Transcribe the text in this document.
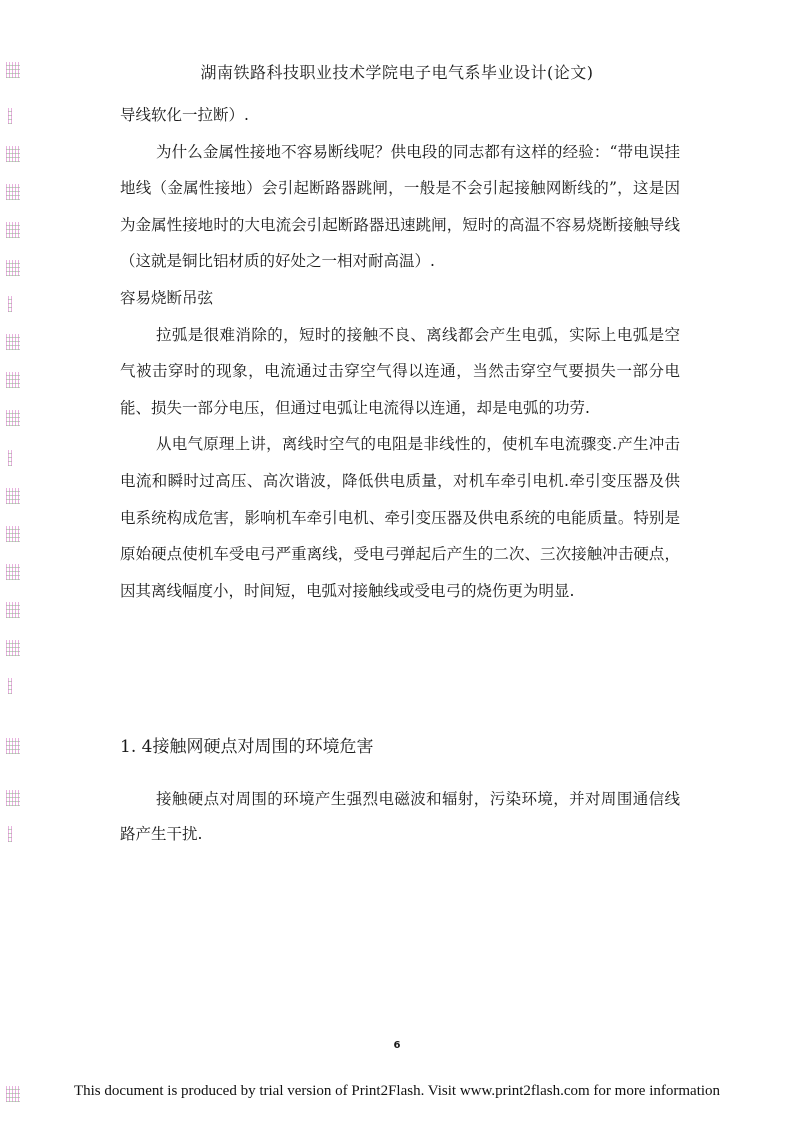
湖南铁路科技职业技术学院电子电气系毕业设计(论文)

导线软化一拉断）.

为什么金属性接地不容易断线呢？供电段的同志都有这样的经验：“带电误挂地线（金属性接地）会引起断路器跳闸，一般是不会引起接触网断线的”，这是因为金属性接地时的大电流会引起断路器迅速跳闸，短时的高温不容易烧断接触导线（这就是铜比铝材质的好处之一相对耐高温）.

容易烧断吊弦

拉弧是很难消除的，短时的接触不良、离线都会产生电弧，实际上电弧是空气被击穿时的现象，电流通过击穿空气得以连通，当然击穿空气要损失一部分电能、损失一部分电压，但通过电弧让电流得以连通，却是电弧的功劳.

从电气原理上讲，离线时空气的电阻是非线性的，使机车电流骤变.产生冲击电流和瞬时过高压、高次谐波，降低供电质量，对机车牵引电机.牵引变压器及供电系统构成危害，影响机车牵引电机、牵引变压器及供电系统的电能质量。特别是原始硬点使机车受电弓严重离线，受电弓弹起后产生的二次、三次接触冲击硬点，因其离线幅度小，时间短，电弧对接触线或受电弓的烧伤更为明显.

1. 4接触网硬点对周围的环境危害

接触硬点对周围的环境产生强烈电磁波和辐射，污染环境，并对周围通信线路产生干扰.

6
This document is produced by trial version of Print2Flash. Visit www.print2flash.com for more information
